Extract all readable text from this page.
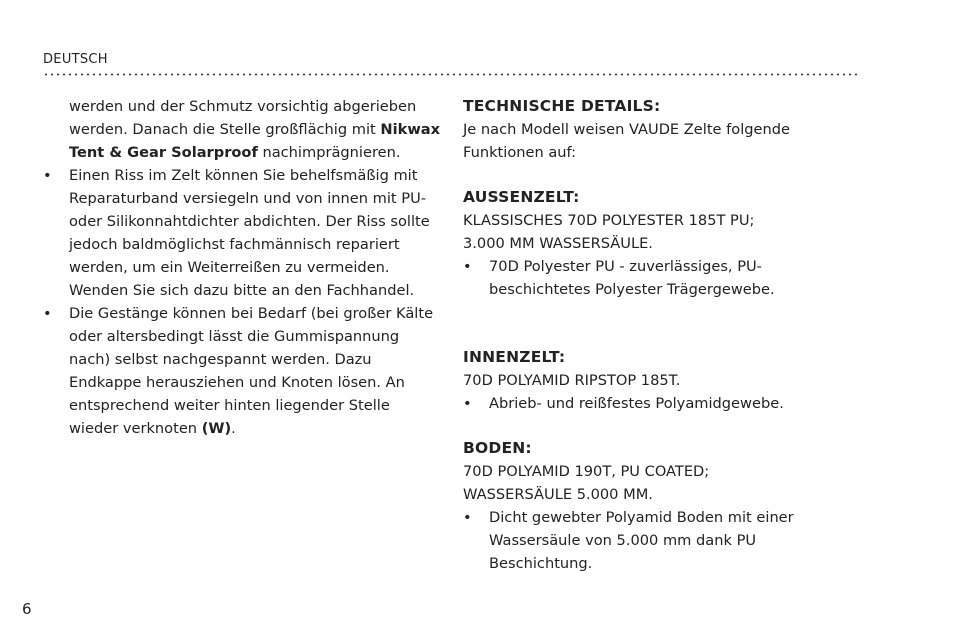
DEUTSCH

werden und der Schmutz vorsichtig abgerieben werden. Danach die Stelle großflächig mit Nikwax Tent & Gear Solarproof nachimprägnieren.

• Einen Riss im Zelt können Sie behelfsmäßig mit Reparaturband versiegeln und von innen mit PU- oder Silikonnahtdichter abdichten. Der Riss sollte jedoch baldmöglichst fachmännisch repariert werden, um ein Weiterreißen zu vermeiden. Wenden Sie sich dazu bitte an den Fachhandel.

• Die Gestänge können bei Bedarf (bei großer Kälte oder altersbedingt lässt die Gummispannung nach) selbst nachgespannt werden. Dazu Endkappe herausziehen und Knoten lösen. An entsprechend weiter hinten liegender Stelle wieder verknoten (W).

TECHNISCHE DETAILS:

Je nach Modell weisen VAUDE Zelte folgende Funktionen auf:

AUSSENZELT:

KLASSISCHES 70D POLYESTER 185T PU;

3.000 MM WASSERSÄULE.

• 70D Polyester PU - zuverlässiges, PU-beschichtetes Polyester Trägergewebe.

INNENZELT:

70D POLYAMID RIPSTOP 185T.

• Abrieb- und reißfestes Polyamidgewebe.

BODEN:

70D POLYAMID 190T, PU COATED;

WASSERSÄULE 5.000 MM.

• Dicht gewebter Polyamid Boden mit einer Wassersäule von 5.000 mm dank PU Beschichtung.

6
